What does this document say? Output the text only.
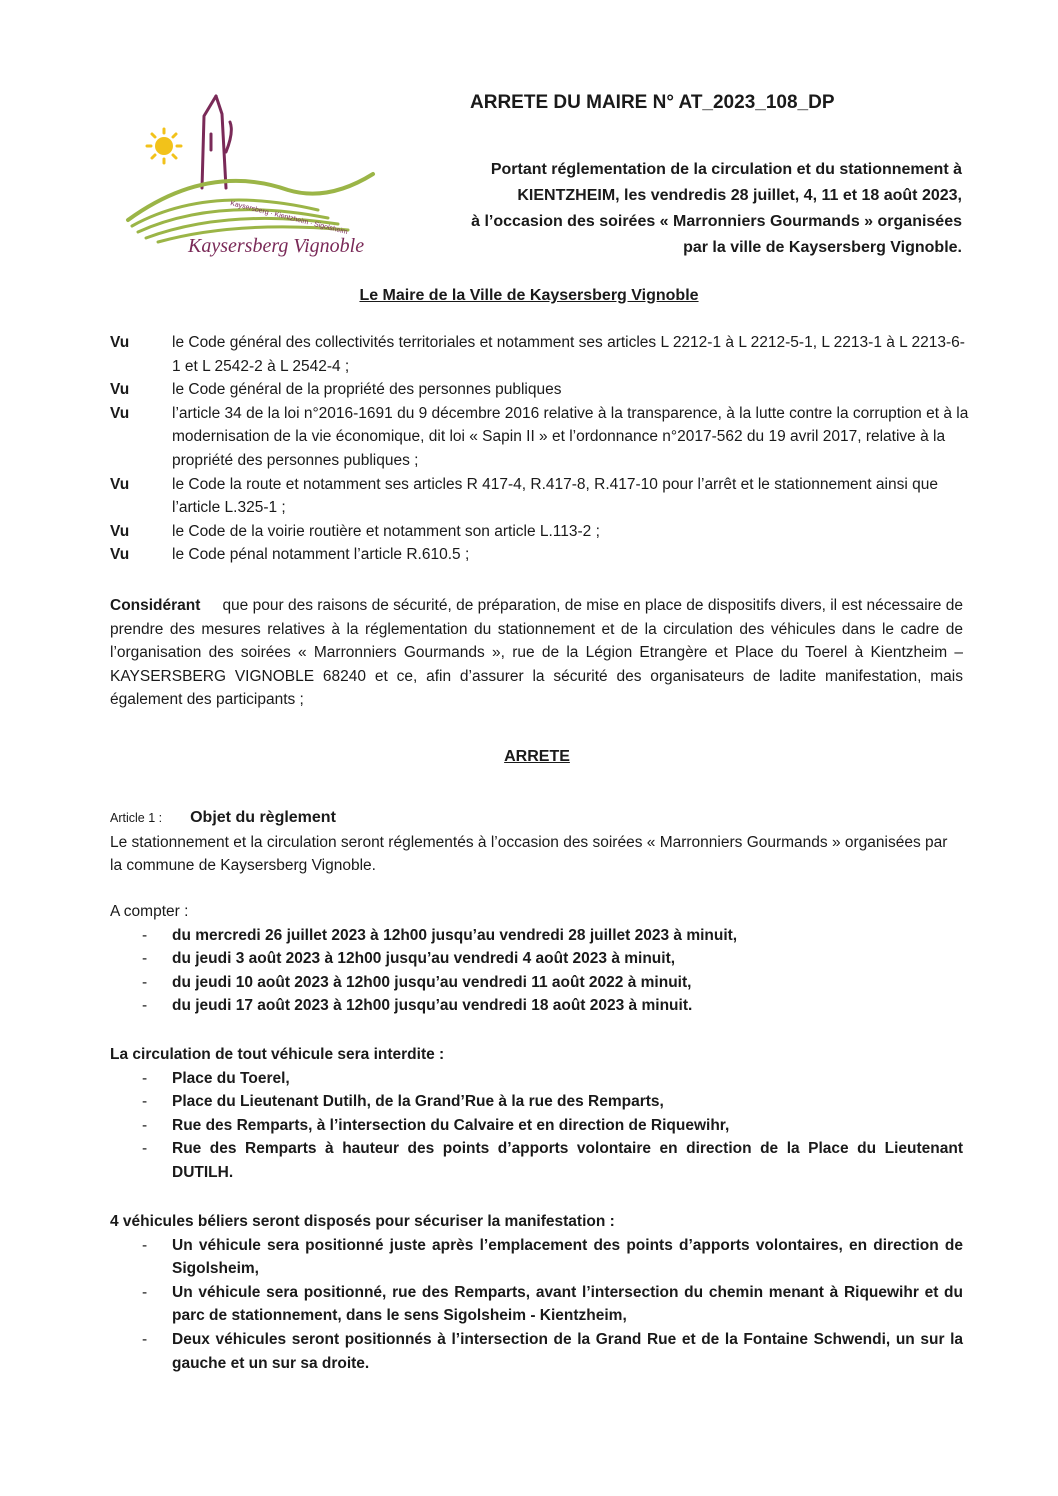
Kaysersberg · Kientzheim · Sigolsheim
Kaysersberg Vignoble
ARRETE DU MAIRE N° AT_2023_108_DP
Portant réglementation de la circulation et du stationnement à
KIENTZHEIM, les vendredis 28 juillet, 4, 11 et 18 août 2023,
à l’occasion des soirées « Marronniers Gourmands » organisées
par la ville de Kaysersberg Vignoble.
Le Maire de la Ville de Kaysersberg Vignoble
Vu	le Code général des collectivités territoriales et notamment ses articles L 2212-1 à L 2212-5-1, L 2213-1 à L 2213-6-1 et L 2542-2 à L 2542-4 ;
Vu	le Code général de la propriété des personnes publiques
Vu	l’article 34 de la loi n°2016-1691 du 9 décembre 2016 relative à la transparence, à la lutte contre la corruption et à la modernisation de la vie économique, dit loi « Sapin II » et l’ordonnance n°2017-562 du 19 avril 2017, relative à la propriété des personnes publiques ;
Vu	le Code la route et notamment ses articles R 417-4, R.417-8, R.417-10 pour l’arrêt et le stationnement ainsi que l’article L.325-1 ;
Vu	le Code de la voirie routière et notamment son article L.113-2 ;
Vu	le Code pénal notamment l’article R.610.5 ;
Considérant que pour des raisons de sécurité, de préparation, de mise en place de dispositifs divers, il est nécessaire de prendre des mesures relatives à la réglementation du stationnement et de la circulation des véhicules dans le cadre de l’organisation des soirées « Marronniers Gourmands », rue de la Légion Etrangère et Place du Toerel à Kientzheim – KAYSERSBERG VIGNOBLE 68240 et ce, afin d’assurer la sécurité des organisateurs de ladite manifestation, mais également des participants ;
ARRETE
Article 1 : Objet du règlement
Le stationnement et la circulation seront réglementés à l’occasion des soirées « Marronniers Gourmands » organisées par la commune de Kaysersberg Vignoble.
A compter :
-	du mercredi 26 juillet 2023 à 12h00 jusqu’au vendredi 28 juillet 2023 à minuit,
-	du jeudi 3 août 2023 à 12h00 jusqu’au vendredi 4 août 2023 à minuit,
-	du jeudi 10 août 2023 à 12h00 jusqu’au vendredi 11 août 2022 à minuit,
-	du jeudi 17 août 2023 à 12h00 jusqu’au vendredi 18 août 2023 à minuit.
La circulation de tout véhicule sera interdite :
-	Place du Toerel,
-	Place du Lieutenant Dutilh, de la Grand’Rue à la rue des Remparts,
-	Rue des Remparts, à l’intersection du Calvaire et en direction de Riquewihr,
-	Rue des Remparts à hauteur des points d’apports volontaire en direction de la Place du Lieutenant DUTILH.
4 véhicules béliers seront disposés pour sécuriser la manifestation :
-	Un véhicule sera positionné juste après l’emplacement des points d’apports volontaires, en direction de Sigolsheim,
-	Un véhicule sera positionné, rue des Remparts, avant l’intersection du chemin menant à Riquewihr et du parc de stationnement, dans le sens Sigolsheim - Kientzheim,
-	Deux véhicules seront positionnés à l’intersection de la Grand Rue et de la Fontaine Schwendi, un sur la gauche et un sur sa droite.
